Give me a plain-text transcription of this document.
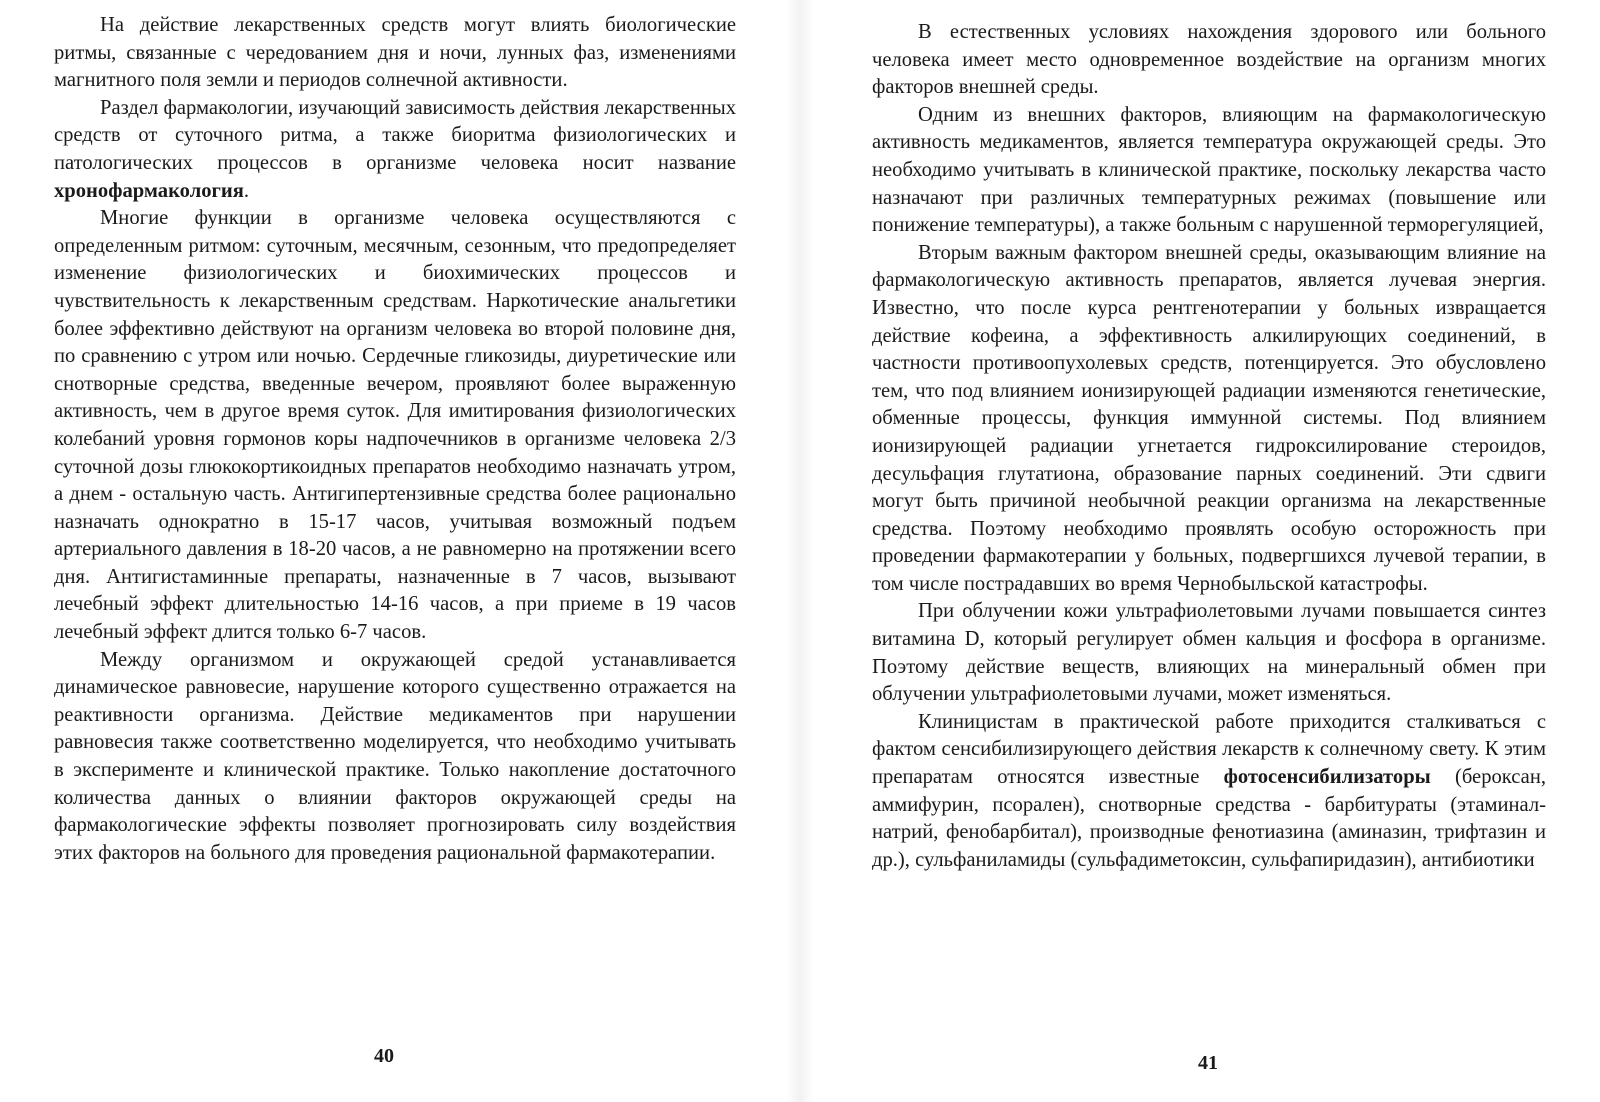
На действие лекарственных средств могут влиять биологические ритмы, связанные с чередованием дня и ночи, лунных фаз, изменениями магнитного поля земли и периодов солнечной активности.

Раздел фармакологии, изучающий зависимость действия лекарственных средств от суточного ритма, а также биоритма физиологических и патологических процессов в организме человека носит название хронофармакология.

Многие функции в организме человека осуществляются с определенным ритмом: суточным, месячным, сезонным, что предопределяет изменение физиологических и биохимических процессов и чувствительность к лекарственным средствам. Наркотические анальгетики более эффективно действуют на организм человека во второй половине дня, по сравнению с утром или ночью. Сердечные гликозиды, диуретические или снотворные средства, введенные вечером, проявляют более выраженную активность, чем в другое время суток. Для имитирования физиологических колебаний уровня гормонов коры надпочечников в организме человека 2/3 суточной дозы глюкокортикоидных препаратов необходимо назначать утром, а днем - остальную часть. Антигипертензивные средства более рационально назначать однократно в 15-17 часов, учитывая возможный подъем артериального давления в 18-20 часов, а не равномерно на протяжении всего дня. Антигистаминные препараты, назначенные в 7 часов, вызывают лечебный эффект длительностью 14-16 часов, а при приеме в 19 часов лечебный эффект длится только 6-7 часов.

Между организмом и окружающей средой устанавливается динамическое равновесие, нарушение которого существенно отражается на реактивности организма. Действие медикаментов при нарушении равновесия также соответственно моделируется, что необходимо учитывать в эксперименте и клинической практике. Только накопление достаточного количества данных о влиянии факторов окружающей среды на фармакологические эффекты позволяет прогнозировать силу воздействия этих факторов на больного для проведения рациональной фармакотерапии.

40

В естественных условиях нахождения здорового или больного человека имеет место одновременное воздействие на организм многих факторов внешней среды.

Одним из внешних факторов, влияющим на фармакологическую активность медикаментов, является температура окружающей среды. Это необходимо учитывать в клинической практике, поскольку лекарства часто назначают при различных температурных режимах (повышение или понижение температуры), а также больным с нарушенной терморегуляцией,

Вторым важным фактором внешней среды, оказывающим влияние на фармакологическую активность препаратов, является лучевая энергия. Известно, что после курса рентгенотерапии у больных извращается действие кофеина, а эффективность алкилирующих соединений, в частности противоопухолевых средств, потенцируется. Это обусловлено тем, что под влиянием ионизирующей радиации изменяются генетические, обменные процессы, функция иммунной системы. Под влиянием ионизирующей радиации угнетается гидроксилирование стероидов, десульфация глутатиона, образование парных соединений. Эти сдвиги могут быть причиной необычной реакции организма на лекарственные средства. Поэтому необходимо проявлять особую осторожность при проведении фармакотерапии у больных, подвергшихся лучевой терапии, в том числе пострадавших во время Чернобыльской катастрофы.

При облучении кожи ультрафиолетовыми лучами повышается синтез витамина D, который регулирует обмен кальция и фосфора в организме. Поэтому действие веществ, влияющих на минеральный обмен при облучении ультрафиолетовыми лучами, может изменяться.

Клиницистам в практической работе приходится сталкиваться с фактом сенсибилизирующего действия лекарств к солнечному свету. К этим препаратам относятся известные фотосенсибилизаторы (бероксан, аммифурин, псорален), снотворные средства - барбитураты (этаминал-натрий, фенобарбитал), производные фенотиазина (аминазин, трифтазин и др.), сульфаниламиды (сульфадиметоксин, сульфапиридазин), антибиотики

41
